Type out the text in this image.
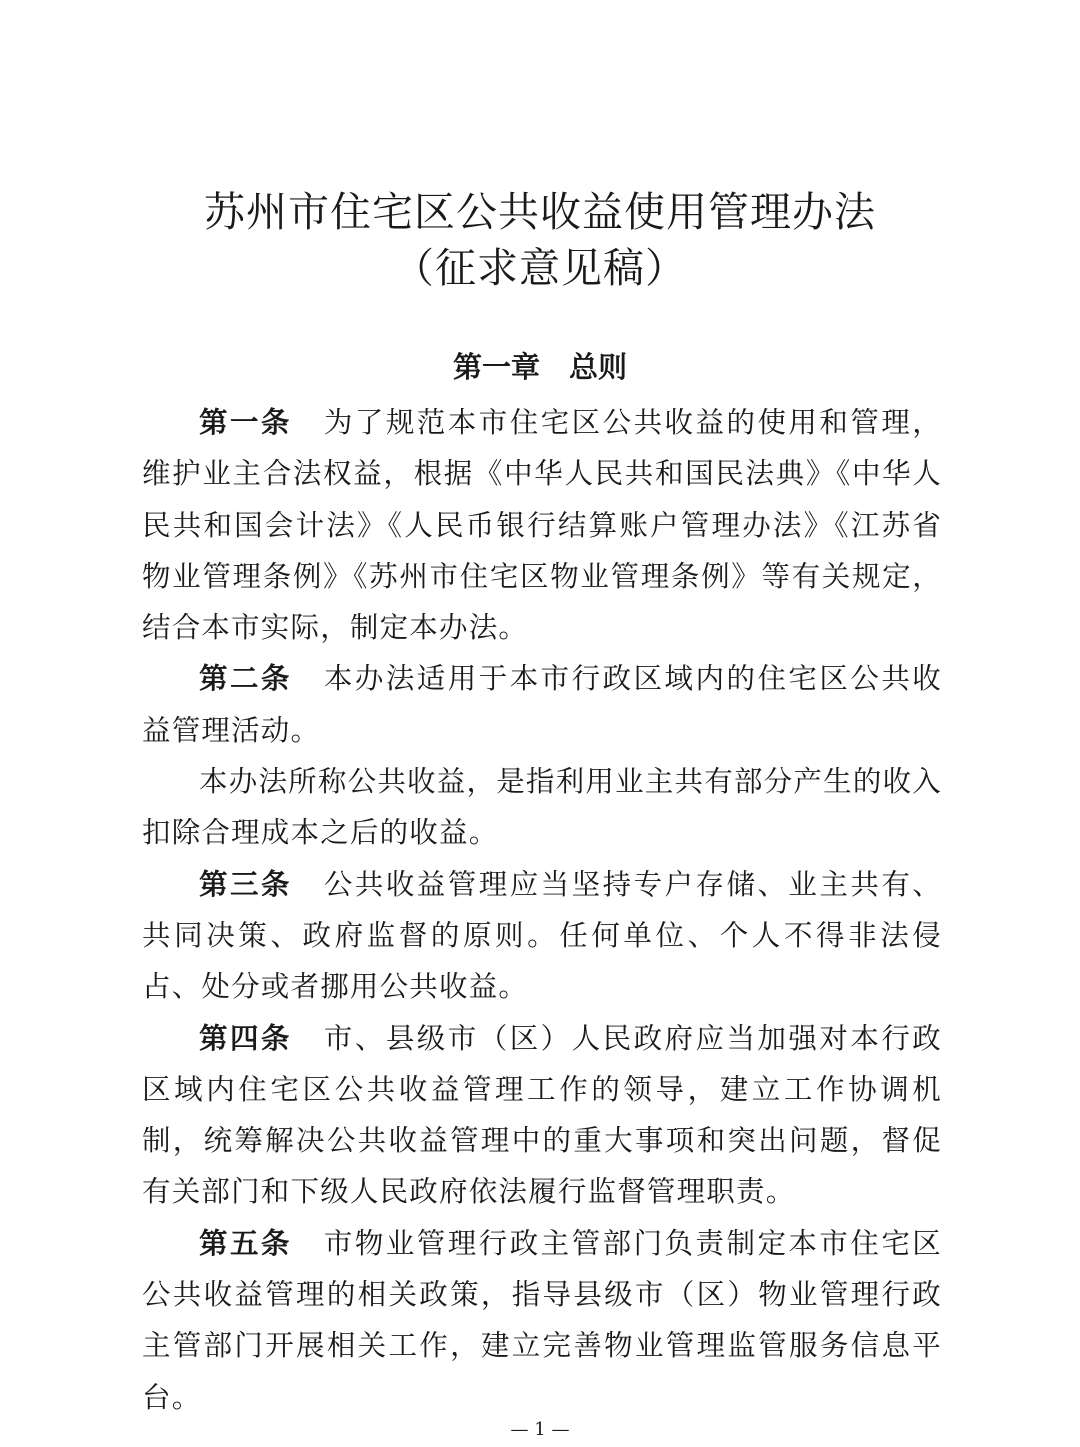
苏州市住宅区公共收益使用管理办法
（征求意见稿）
第一章　总则

第一条 为了规范本市住宅区公共收益的使用和管理，维护业主合法权益，根据《中华人民共和国民法典》《中华人民共和国会计法》《人民币银行结算账户管理办法》《江苏省物业管理条例》《苏州市住宅区物业管理条例》等有关规定，结合本市实际，制定本办法。

第二条 本办法适用于本市行政区域内的住宅区公共收益管理活动。

本办法所称公共收益，是指利用业主共有部分产生的收入扣除合理成本之后的收益。

第三条 公共收益管理应当坚持专户存储、业主共有、共同决策、政府监督的原则。任何单位、个人不得非法侵占、处分或者挪用公共收益。

第四条 市、县级市（区）人民政府应当加强对本行政区域内住宅区公共收益管理工作的领导，建立工作协调机制，统筹解决公共收益管理中的重大事项和突出问题，督促有关部门和下级人民政府依法履行监督管理职责。

第五条 市物业管理行政主管部门负责制定本市住宅区公共收益管理的相关政策，指导县级市（区）物业管理行政主管部门开展相关工作，建立完善物业管理监管服务信息平台。

— 1 —
